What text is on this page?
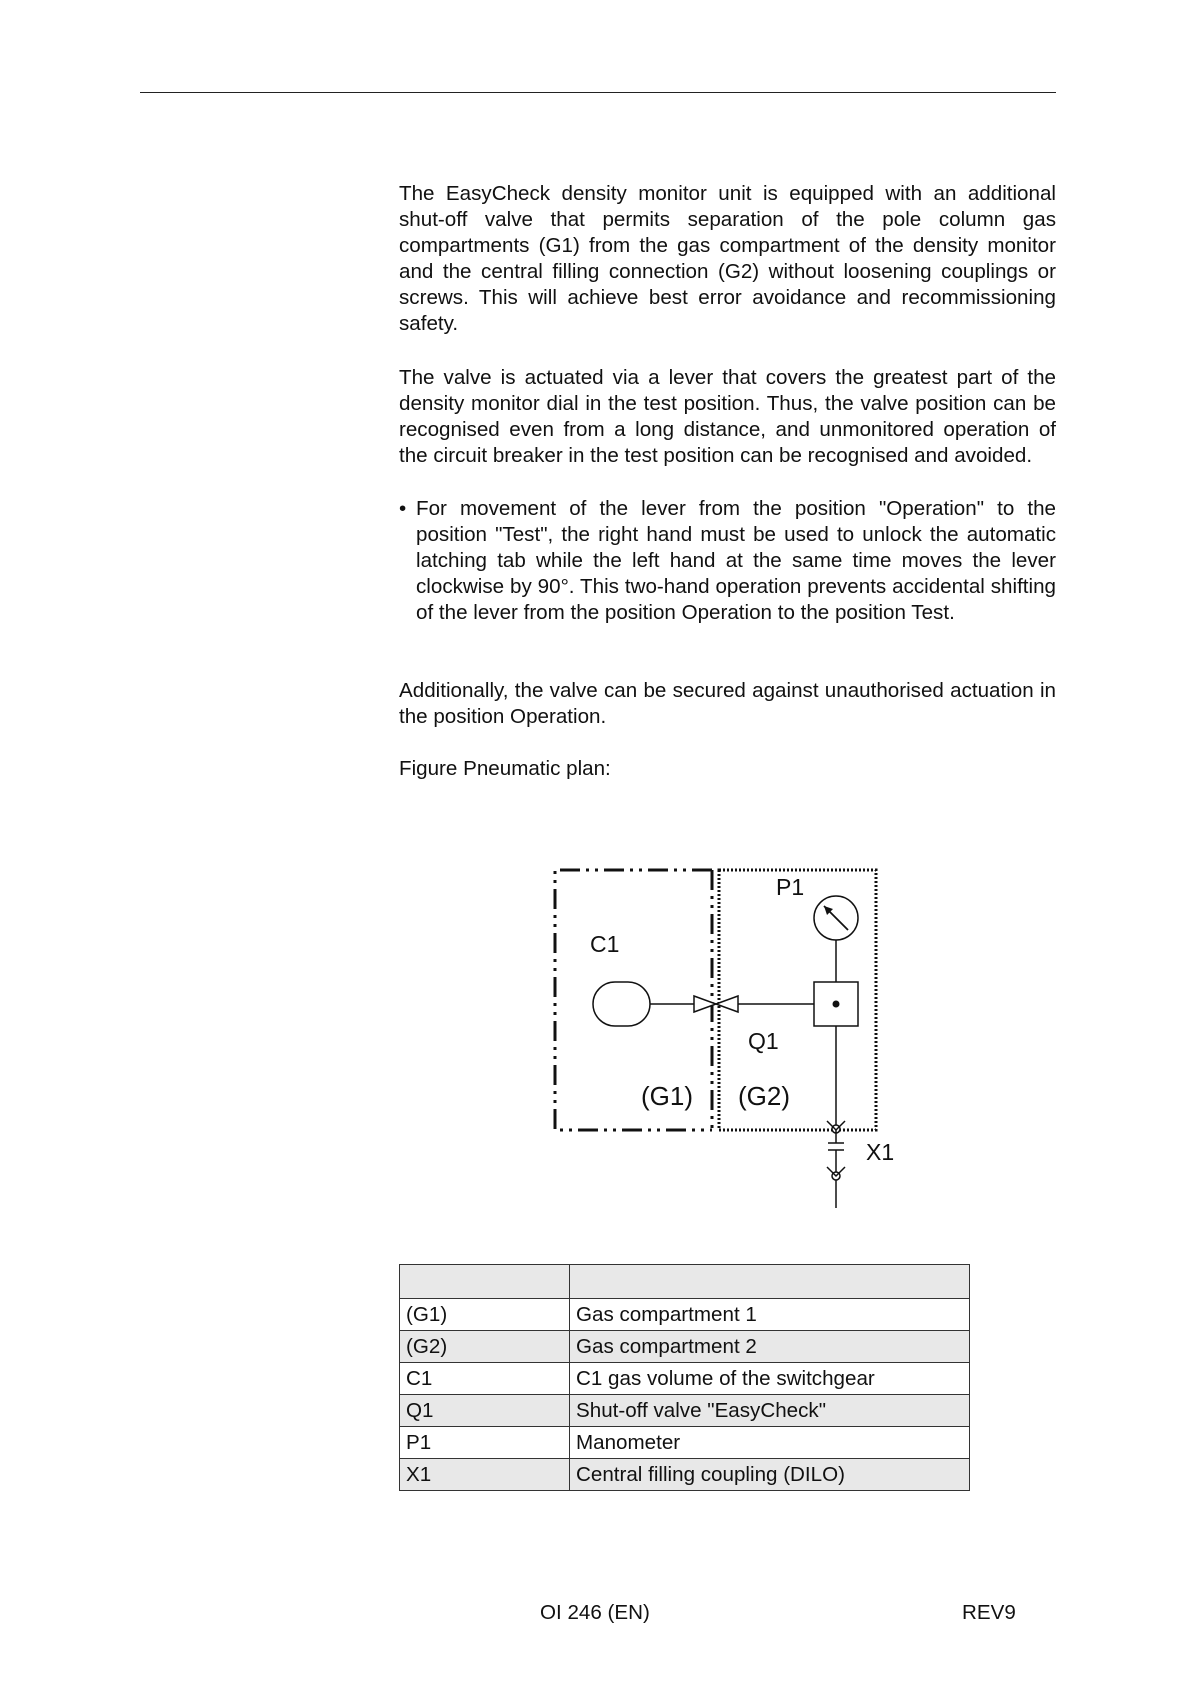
The EasyCheck density monitor unit is equipped with an additional shut-off valve that permits separation of the pole column gas compartments (G1) from the gas compartment of the density monitor and the central filling connection (G2) without loosening couplings or screws. This will achieve best error avoidance and recommissioning safety.

The valve is actuated via a lever that covers the greatest part of the density monitor dial in the test position. Thus, the valve position can be recognised even from a long distance, and unmonitored operation of the circuit breaker in the test position can be recognised and avoided.

• For movement of the lever from the position "Operation" to the position "Test", the right hand must be used to unlock the automatic latching tab while the left hand at the same time moves the lever clockwise by 90°. This two-hand operation prevents accidental shifting of the lever from the position Operation to the position Test.

Additionally, the valve can be secured against unauthorised actuation in the position Operation.

Figure Pneumatic plan:

P1
C1
Q1
(G1) (G2)
X1

(G1)	Gas compartment 1
(G2)	Gas compartment 2
C1	C1 gas volume of the switchgear
Q1	Shut-off valve "EasyCheck"
P1	Manometer
X1	Central filling coupling (DILO)
OI 246 (EN)	REV9
